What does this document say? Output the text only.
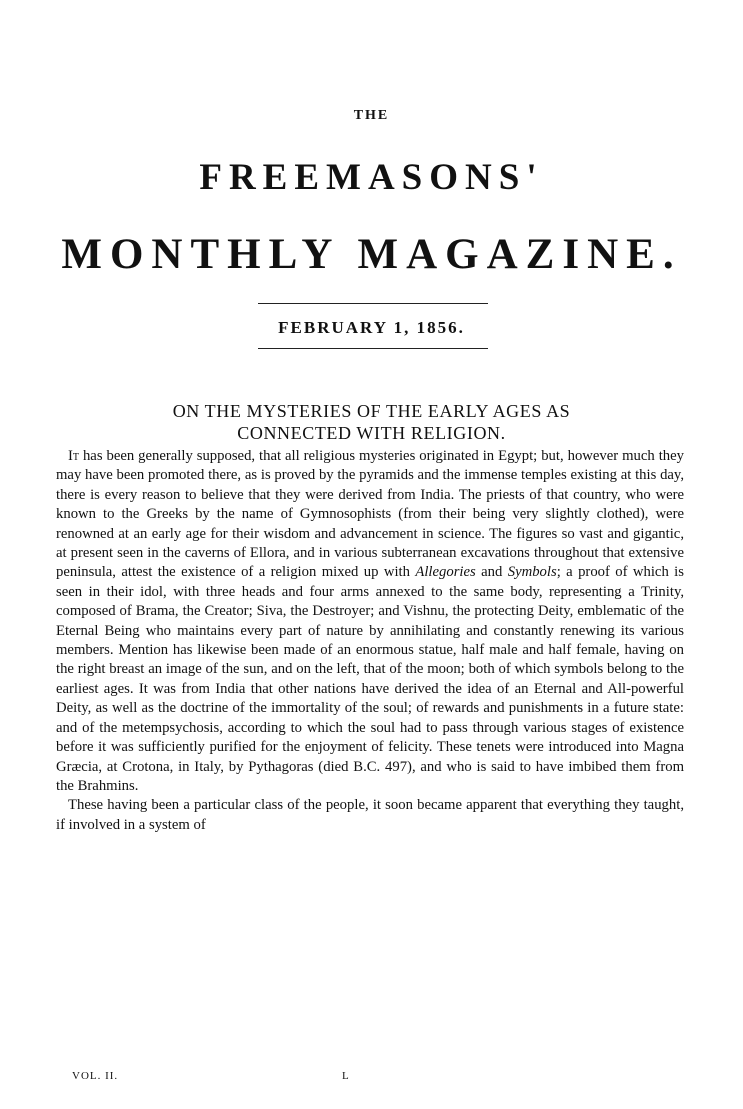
THE
FREEMASONS'
MONTHLY MAGAZINE.
FEBRUARY 1, 1856.
ON THE MYSTERIES OF THE EARLY AGES AS
CONNECTED WITH RELIGION.

It has been generally supposed, that all religious mysteries originated in Egypt; but, however much they may have been promoted there, as is proved by the pyramids and the immense temples existing at this day, there is every reason to believe that they were derived from India. The priests of that country, who were known to the Greeks by the name of Gymnosophists (from their being very slightly clothed), were renowned at an early age for their wisdom and advancement in science. The figures so vast and gigantic, at present seen in the caverns of Ellora, and in various subterranean excavations throughout that extensive peninsula, attest the existence of a religion mixed up with Allegories and Symbols; a proof of which is seen in their idol, with three heads and four arms annexed to the same body, representing a Trinity, composed of Brama, the Creator; Siva, the Destroyer; and Vishnu, the protecting Deity, emblematic of the Eternal Being who maintains every part of nature by annihilating and constantly renewing its various members. Mention has likewise been made of an enormous statue, half male and half female, having on the right breast an image of the sun, and on the left, that of the moon; both of which symbols belong to the earliest ages. It was from India that other nations have derived the idea of an Eternal and All-powerful Deity, as well as the doctrine of the immortality of the soul; of rewards and punishments in a future state: and of the metempsychosis, according to which the soul had to pass through various stages of existence before it was sufficiently purified for the enjoyment of felicity. These tenets were introduced into Magna Græcia, at Crotona, in Italy, by Pythagoras (died B.C. 497), and who is said to have imbibed them from the Brahmins.

These having been a particular class of the people, it soon became apparent that everything they taught, if involved in a system of

VOL. II.	L
